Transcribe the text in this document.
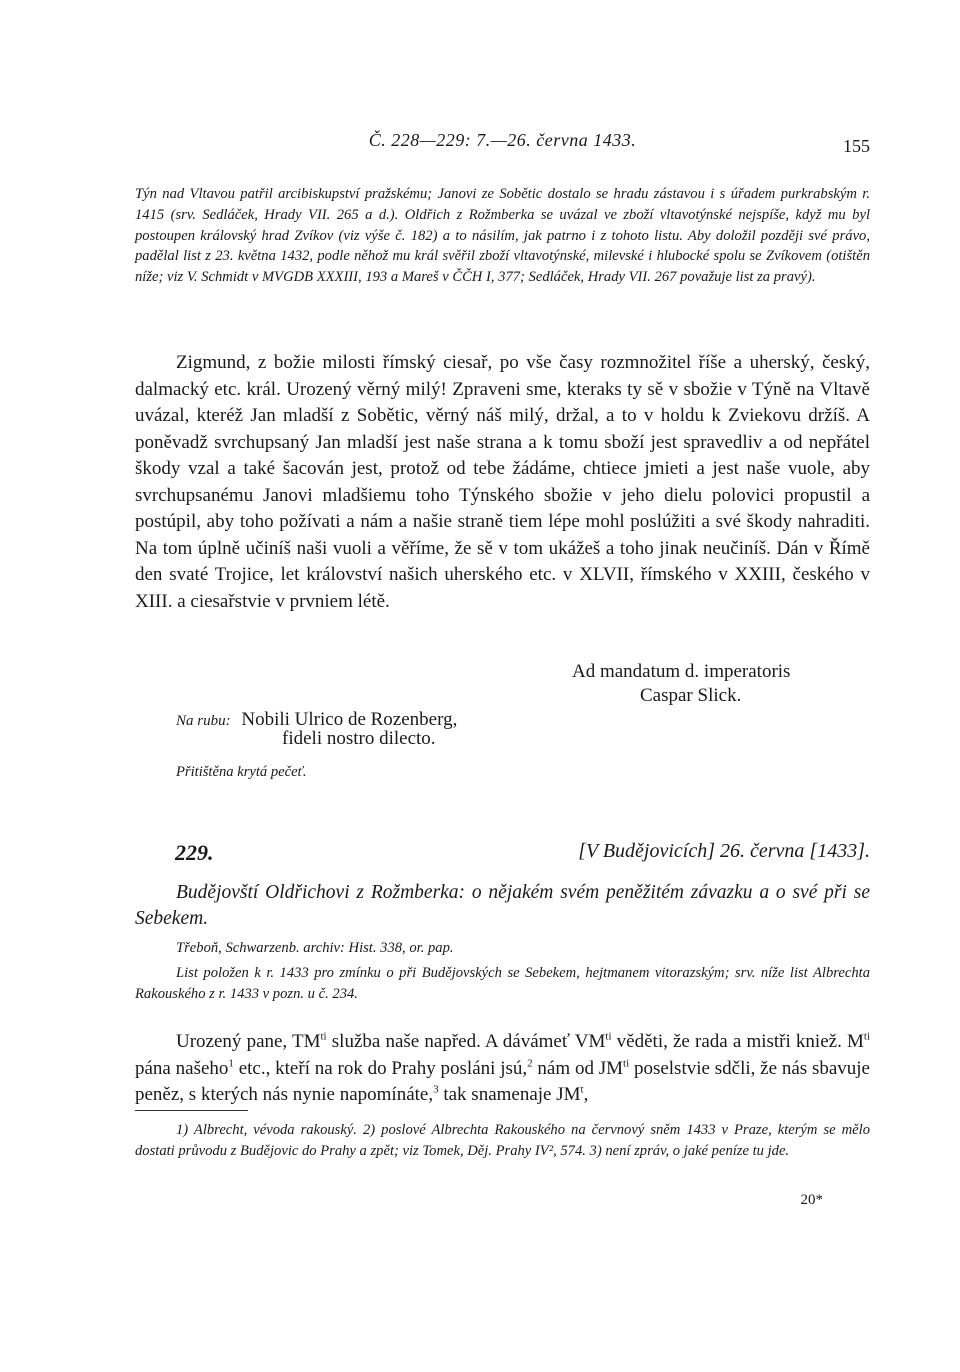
Č. 228—229: 7.—26. června 1433.	155

Týn nad Vltavou patřil arcibiskupství pražskému; Janovi ze Sobětic dostalo se hradu zástavou i s úřadem purkrabským r. 1415 (srv. Sedláček, Hrady VII. 265 a d.). Oldřich z Rožmberka se uvázal ve zboží vltavotýnské nejspíše, když mu byl postoupen královský hrad Zvíkov (viz výše č. 182) a to násilím, jak patrno i z tohoto listu. Aby doložil později své právo, padělal list z 23. května 1432, podle něhož mu král svěřil zboží vltavotýnské, milevské i hlubocké spolu se Zvíkovem (otištěn níže; viz V. Schmidt v MVGDB XXXIII, 193 a Mareš v ČČH I, 377; Sedláček, Hrady VII. 267 považuje list za pravý).

Zigmund, z božie milosti římský ciesař, po vše časy rozmnožitel říše a uherský, český, dalmacký etc. král. Urozený věrný milý! Zpraveni sme, kteraks ty sě v sbožie v Týně na Vltavě uvázal, kteréž Jan mladší z Sobětic, věrný náš milý, držal, a to v holdu k Zviekovu držíš. A poněvadž svrchupsaný Jan mladší jest naše strana a k tomu sboží jest spravedliv a od nepřátel škody vzal a také šacován jest, protož od tebe žádáme, chtiece jmieti a jest naše vuole, aby svrchupsanému Janovi mladšiemu toho Týnského sbožie v jeho dielu polovici propustil a postúpil, aby toho požívati a nám a našie straně tiem lépe mohl poslúžiti a své škody nahraditi. Na tom úplně učiníš naši vuoli a věříme, že sě v tom ukážeš a toho jinak neučiníš. Dán v Římě den svaté Trojice, let království našich uherského etc. v XLVII, římského v XXIII, českého v XIII. a ciesařstvie v prvniem létě.

Ad mandatum d. imperatoris
Caspar Slick.
Na rubu: Nobili Ulrico de Rozenberg,
fideli nostro dilecto.
Přitištěna krytá pečeť.
229.	[V Budějovicích] 26. června [1433].

Budějovští Oldřichovi z Rožmberka: o nějakém svém peněžitém závazku a o své při se Sebekem.

Třeboň, Schwarzenb. archiv: Hist. 338, or. pap.

List položen k r. 1433 pro zmínku o při Budějovských se Sebekem, hejtmanem vitorazským; srv. níže list Albrechta Rakouského z r. 1433 v pozn. u č. 234.

Urozený pane, $TM^{ti}$ služba naše napřed. A dávámeť $VM^{ti}$ věděti, že rada a mistři kniež. $M^{ti}$ pána našeho$^1$ etc., kteří na rok do Prahy posláni jsú,$^2$ nám od $JM^{ti}$ poselstvie sdčli, že nás sbavuje peněz, s kterých nás nynie napomínáte,$^3$ tak snamenaje $JM^t$,

1) Albrecht, vévoda rakouský. 2) poslové Albrechta Rakouského na červnový sněm 1433 v Praze, kterým se mělo dostati průvodu z Budějovic do Prahy a zpět; viz Tomek, Děj. Prahy IV², 574. 3) není zpráv, o jaké peníze tu jde.

20*
